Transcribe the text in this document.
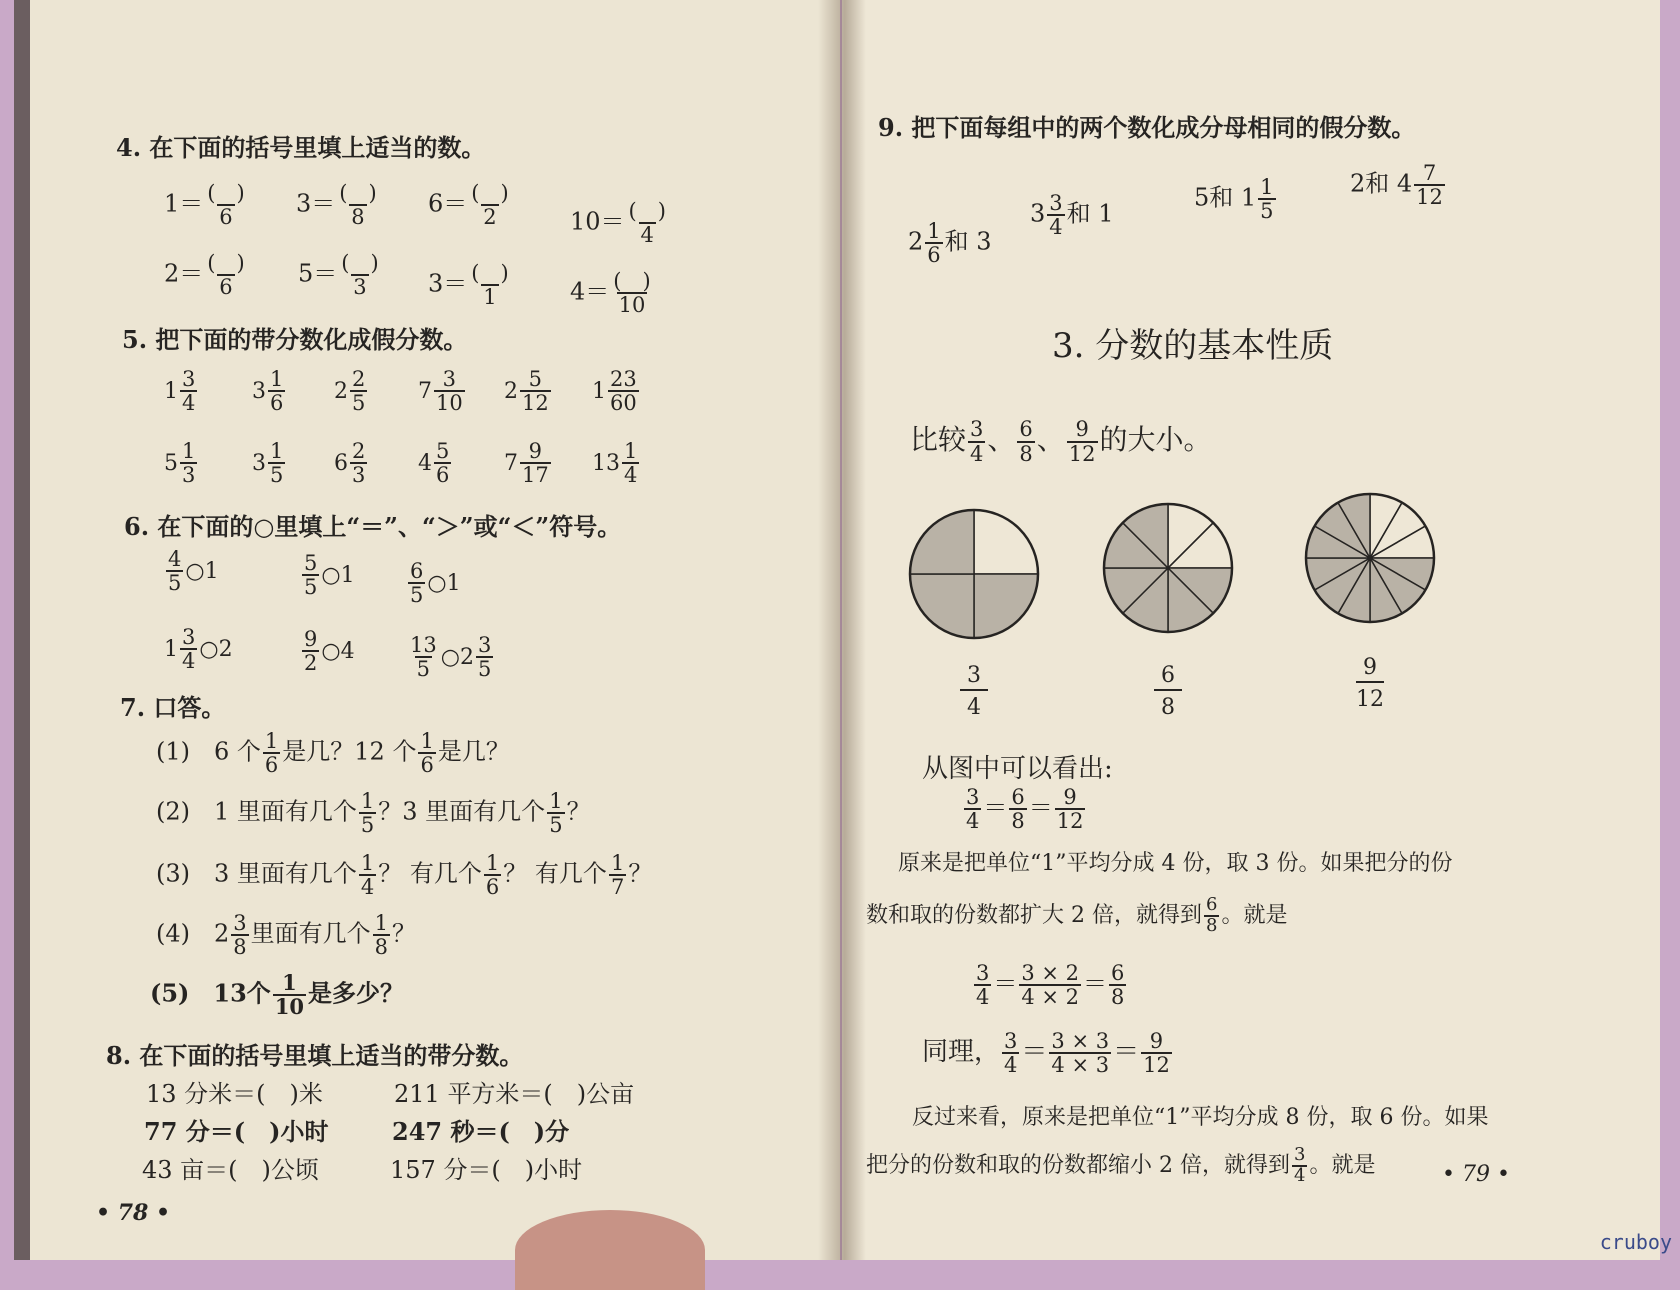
4. 在下面的括号里填上适当的数。
$1= \frac{( )}{6} 3= \frac{( )}{8} 6= \frac{( )}{2} 10= \frac{( )}{4}$
$2= \frac{( )}{6} 5= \frac{( )}{3} 3= \frac{( )}{1} 4= \frac{( )}{10}$
5. 把下面的带分数化成假分数。
$1 \frac{3}{4} 3 \frac{1}{6} 2 \frac{2}{5} 7 \frac{3}{10} 2 \frac{5}{12} 1 \frac{23}{60}$
$5 \frac{1}{3} 3 \frac{1}{5} 6 \frac{2}{3} 4 \frac{5}{6} 7 \frac{9}{17} 13 \frac{1}{4}$
6. 在下面的○里填上“＝”、“＞”或“＜”符号。
$\frac{4}{5}$ ○ 1	$\frac{5}{5}$ ○ 1	$\frac{6}{5}$ ○ 1
$1 \frac{3}{4}$ ○ 2	$\frac{9}{2}$ ○ 4	$\frac{13}{5}$ ○ $2 \frac{3}{5}$
7. 口答。
(1)　6 个 $\frac{1}{6}$ 是几？12 个 $\frac{1}{6}$ 是几？
(2)　1 里面有几个 $\frac{1}{5}$ ？3 里面有几个 $\frac{1}{5}$ ？
(3)　3 里面有几个 $\frac{1}{4}$ ？ 有几个 $\frac{1}{6}$ ？ 有几个 $\frac{1}{7}$ ？
(4)　$2 \frac{3}{8}$ 里面有几个 $\frac{1}{8}$ ？
(5)　13个 $\frac{1}{10}$ 是多少？
8. 在下面的括号里填上适当的带分数。
13 分米＝(　)米	211 平方米＝(　)公亩
77 分＝(　)小时	247 秒＝(　)分
43 亩＝(　)公顷	157 分＝(　)小时
• 78 •
9. 把下面每组中的两个数化成分母相同的假分数。
$2 \frac{1}{6}$ 和 3
$3 \frac{3}{4}$ 和 1
5和 $1 \frac{1}{5}$	2和 $4 \frac{7}{12}$
3. 分数的基本性质
比较 $\frac{3}{4}$ 、 $\frac{6}{8}$ 、 $\frac{9}{12}$ 的大小。
3
4
6
8
9
12
从图中可以看出:
$\frac{3}{4} = \frac{6}{8} = \frac{9}{12}$
原来是把单位“1”平均分成 4 份，取 3 份。如果把分的份
数和取的份数都扩大 2 倍，就得到 $\frac{6}{8}$ 。就是
$\frac{3}{4} = \frac{3 \times 2}{4 \times 2} = \frac{6}{8}$
同理， $\frac{3}{4} = \frac{3 \times 3}{4 \times 3} = \frac{9}{12}$
反过来看，原来是把单位“1”平均分成 8 份，取 6 份。如果
把分的份数和取的份数都缩小 2 倍，就得到 $\frac{3}{4}$ 。就是	• 79 •
cruboy
